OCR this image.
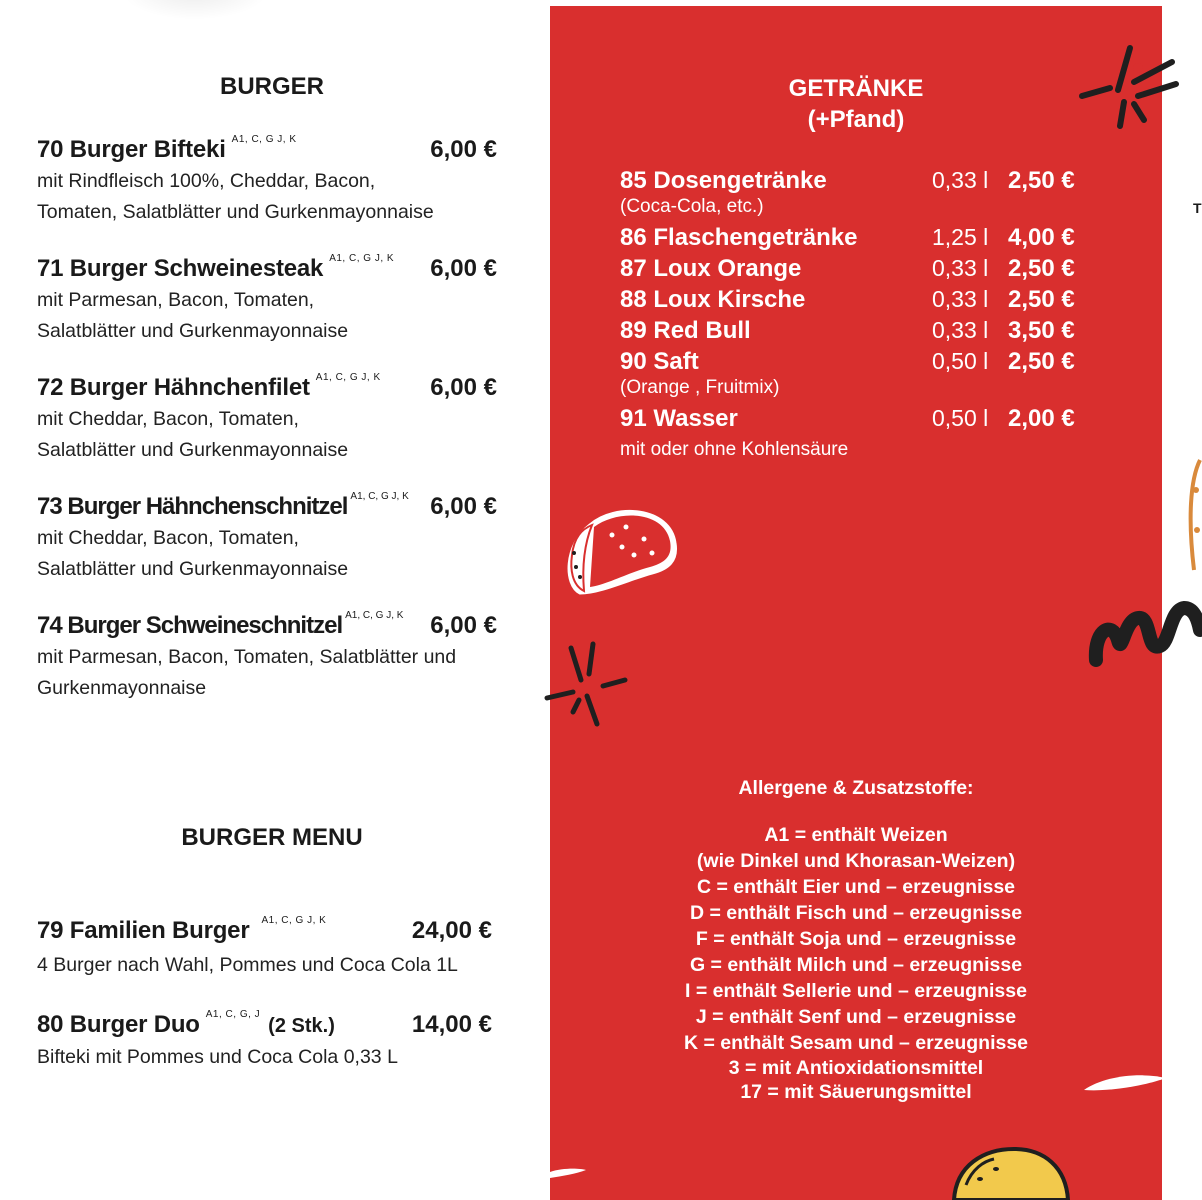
BURGER
70 Burger Bifteki $^{A1, C, G J, K}$	6,00 €
mit Rindfleisch 100%, Cheddar, Bacon,
Tomaten, Salatblätter und Gurkenmayonnaise
71 Burger Schweinesteak $^{A1, C, G J, K}$ 6,00 €
mit Parmesan, Bacon, Tomaten,
Salatblätter und Gurkenmayonnaise
72 Burger Hähnchenfilet $^{A1, C, G J, K}$ 6,00 €
mit Cheddar, Bacon, Tomaten,
Salatblätter und Gurkenmayonnaise
73 Burger Hähnchenschnitzel $^{A1, C, G J, K}$ 6,00 €
mit Cheddar, Bacon, Tomaten,
Salatblätter und Gurkenmayonnaise
74 Burger Schweineschnitzel $^{A1, C, G J, K}$ 6,00 €
mit Parmesan, Bacon, Tomaten, Salatblätter und
Gurkenmayonnaise
BURGER MENU
79 Familien Burger $^{A1, C, G J, K}$	24,00 €
4 Burger nach Wahl, Pommes und Coca Cola 1L
80 Burger Duo $^{A1, C, G, J}$(2 Stk.)	14,00 €
Bifteki mit Pommes und Coca Cola 0,33 L
GETRÄNKE
(+Pfand)
85 Dosengetränke	0,33 l 2,50 €
(Coca-Cola, etc.)
86 Flaschengetränke	1,25 l 4,00 €
87 Loux Orange	0,33 l 2,50 €
88 Loux Kirsche	0,33 l 2,50 €
89 Red Bull	0,33 l 3,50 €
90 Saft	0,50 l 2,50 €
(Orange , Fruitmix)
91 Wasser	0,50 l 2,00 €
mit oder ohne Kohlensäure
Allergene & Zusatzstoffe:
A1 = enthält Weizen
(wie Dinkel und Khorasan-Weizen)
C = enthält Eier und – erzeugnisse
D = enthält Fisch und – erzeugnisse
F = enthält Soja und – erzeugnisse
G = enthält Milch und – erzeugnisse
I = enthält Sellerie und – erzeugnisse
J = enthält Senf und – erzeugnisse
K = enthält Sesam und – erzeugnisse
3 = mit Antioxidationsmittel
17 = mit Säuerungsmittel
T
